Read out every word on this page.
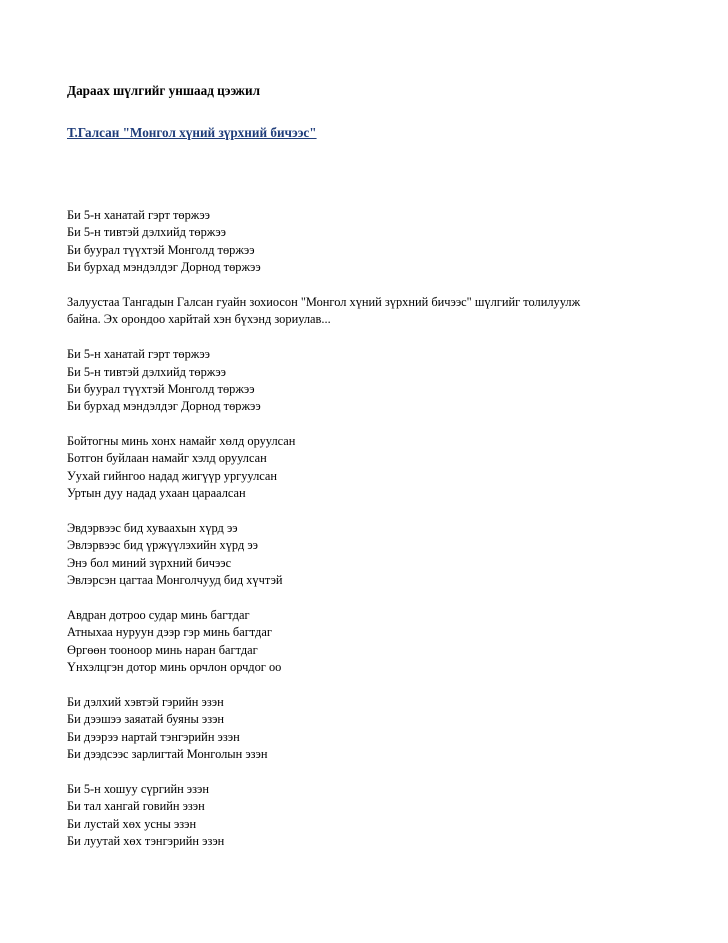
Дараах шүлгийг уншаад цээжил
Т.Галсан "Монгол хүний зүрхний бичээс"
Би 5-н ханатай гэрт төржээ
Би 5-н тивтэй дэлхийд төржээ
Би буурал түүхтэй Монголд төржээ
Би бурхад мэндэлдэг Дорнод төржээ
Залуустаа Тангадын Галсан гуайн зохиосон "Монгол хүний зүрхний бичээс" шүлгийг толилуулж
байна. Эх орондоо харйтай хэн бүхэнд зориулав...
Би 5-н ханатай гэрт төржээ
Би 5-н тивтэй дэлхийд төржээ
Би буурал түүхтэй Монголд төржээ
Би бурхад мэндэлдэг Дорнод төржээ
Бойтогны минь хонх намайг хөлд оруулсан
Ботгон буйлаан намайг хэлд оруулсан
Уухай гийнгоо надад жигүүр ургуулсан
Уртын дуу надад ухаан цараалсан
Эвдэрвээс бид хуваахын хүрд ээ
Эвлэрвээс бид үржүүлэхийн хүрд ээ
Энэ бол миний зүрхний бичээс
Эвлэрсэн цагтаа Монголчууд бид хүчтэй
Авдран дотроо судар минь багтдаг
Атныхаа нуруун дээр гэр минь багтдаг
Өргөөн тооноор минь наран багтдаг
Үнхэлцгэн дотор минь орчлон орчдог оо
Би дэлхий хэвтэй гэрийн эзэн
Би дээшээ заяатай буяны эзэн
Би дээрээ нартай тэнгэрийн эзэн
Би дээдсээс зарлигтай Монголын эзэн
Би 5-н хошуу сүргийн эзэн
Би тал хангай говийн эзэн
Би лустай хөх усны эзэн
Би луутай хөх тэнгэрийн эзэн
